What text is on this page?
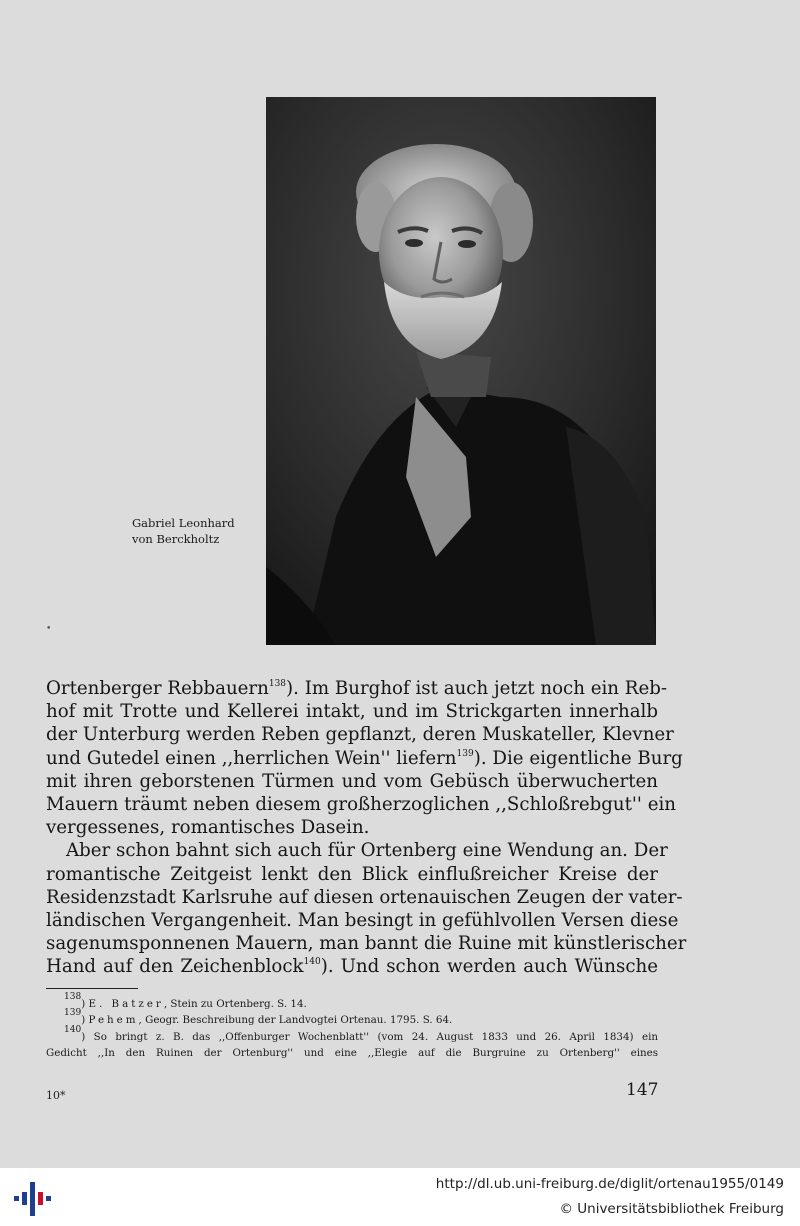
Gabriel Leonhard
von Berckholtz
•
Ortenberger Rebbauern$^{138}$). Im Burghof ist auch jetzt noch ein Reb-
hof mit Trotte und Kellerei intakt, und im Strickgarten innerhalb
der Unterburg werden Reben gepflanzt, deren Muskateller, Klevner
und Gutedel einen ,,herrlichen Wein'' liefern$^{139}$). Die eigentliche Burg
mit ihren geborstenen Türmen und vom Gebüsch überwucherten
Mauern träumt neben diesem großherzoglichen ,,Schloßrebgut'' ein
vergessenes, romantisches Dasein.
Aber schon bahnt sich auch für Ortenberg eine Wendung an. Der
romantische Zeitgeist lenkt den Blick einflußreicher Kreise der
Residenzstadt Karlsruhe auf diesen ortenauischen Zeugen der vater-
ländischen Vergangenheit. Man besingt in gefühlvollen Versen diese
sagenumsponnenen Mauern, man bannt die Ruine mit künstlerischer
Hand auf den Zeichenblock$^{140}$). Und schon werden auch Wünsche
$^{138}$) E. Batzer, Stein zu Ortenberg. S. 14.
$^{139}$) Pehem, Geogr. Beschreibung der Landvogtei Ortenau. 1795. S. 64.
$^{140}$) So bringt z. B. das ,,Offenburger Wochenblatt'' (vom 24. August 1833 und 26. April 1834) ein
Gedicht ,,In den Ruinen der Ortenburg'' und eine ,,Elegie auf die Burgruine zu Ortenberg'' eines
10*	147
http://dl.ub.uni-freiburg.de/diglit/ortenau1955/0149
© Universitätsbibliothek Freiburg
